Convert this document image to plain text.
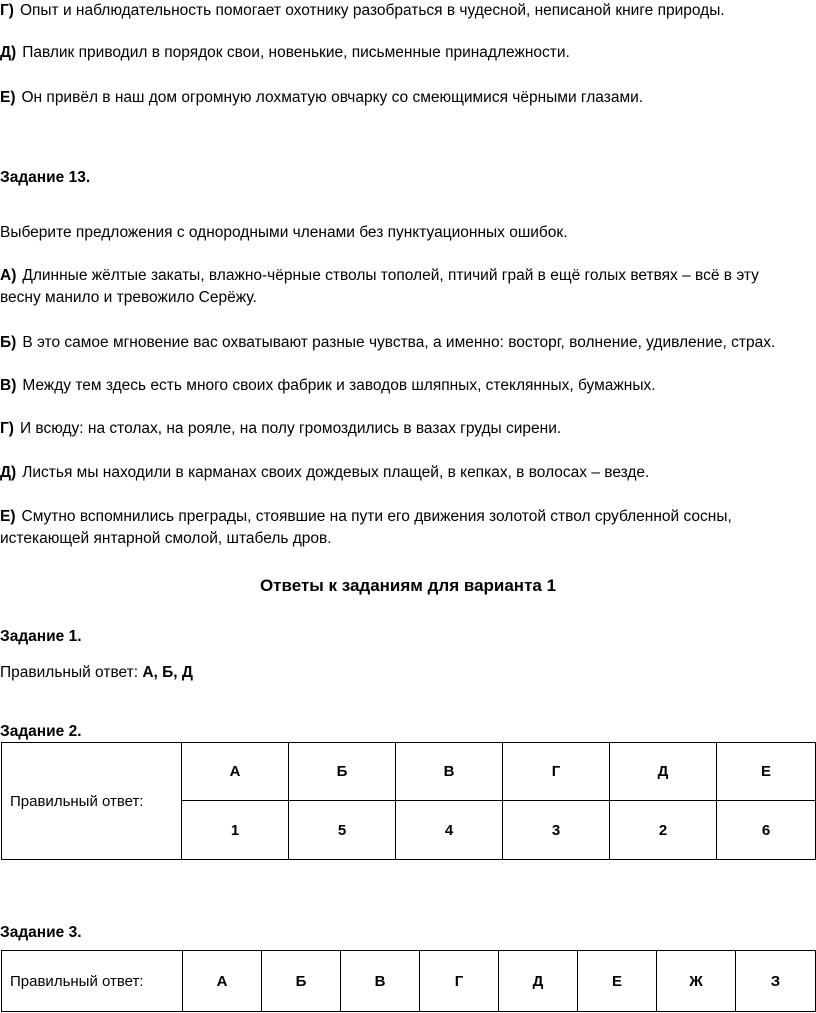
Г) Опыт и наблюдательность помогает охотнику разобраться в чудесной, неписаной книге природы.

Д) Павлик приводил в порядок свои, новенькие, письменные принадлежности.

Е) Он привёл в наш дом огромную лохматую овчарку со смеющимися чёрными глазами.

Задание 13.

Выберите предложения с однородными членами без пунктуационных ошибок.

А) Длинные жёлтые закаты, влажно-чёрные стволы тополей, птичий грай в ещё голых ветвях – всё в эту весну манило и тревожило Серёжу.

Б) В это самое мгновение вас охватывают разные чувства, а именно: восторг, волнение, удивление, страх.

В) Между тем здесь есть много своих фабрик и заводов шляпных, стеклянных, бумажных.

Г) И всюду: на столах, на рояле, на полу громоздились в вазах груды сирени.

Д) Листья мы находили в карманах своих дождевых плащей, в кепках, в волосах – везде.

Е) Смутно вспомнились преграды, стоявшие на пути его движения золотой ствол срубленной сосны, истекающей янтарной смолой, штабель дров.

Ответы к заданиям для варианта 1

Задание 1.

Правильный ответ: А, Б, Д

Задание 2.

Правильный ответ:	А	Б	В	Г	Д	Е
	1	5	4	3	2	6

Задание 3.

Правильный ответ:	А	Б	В	Г	Д	Е	Ж	З
